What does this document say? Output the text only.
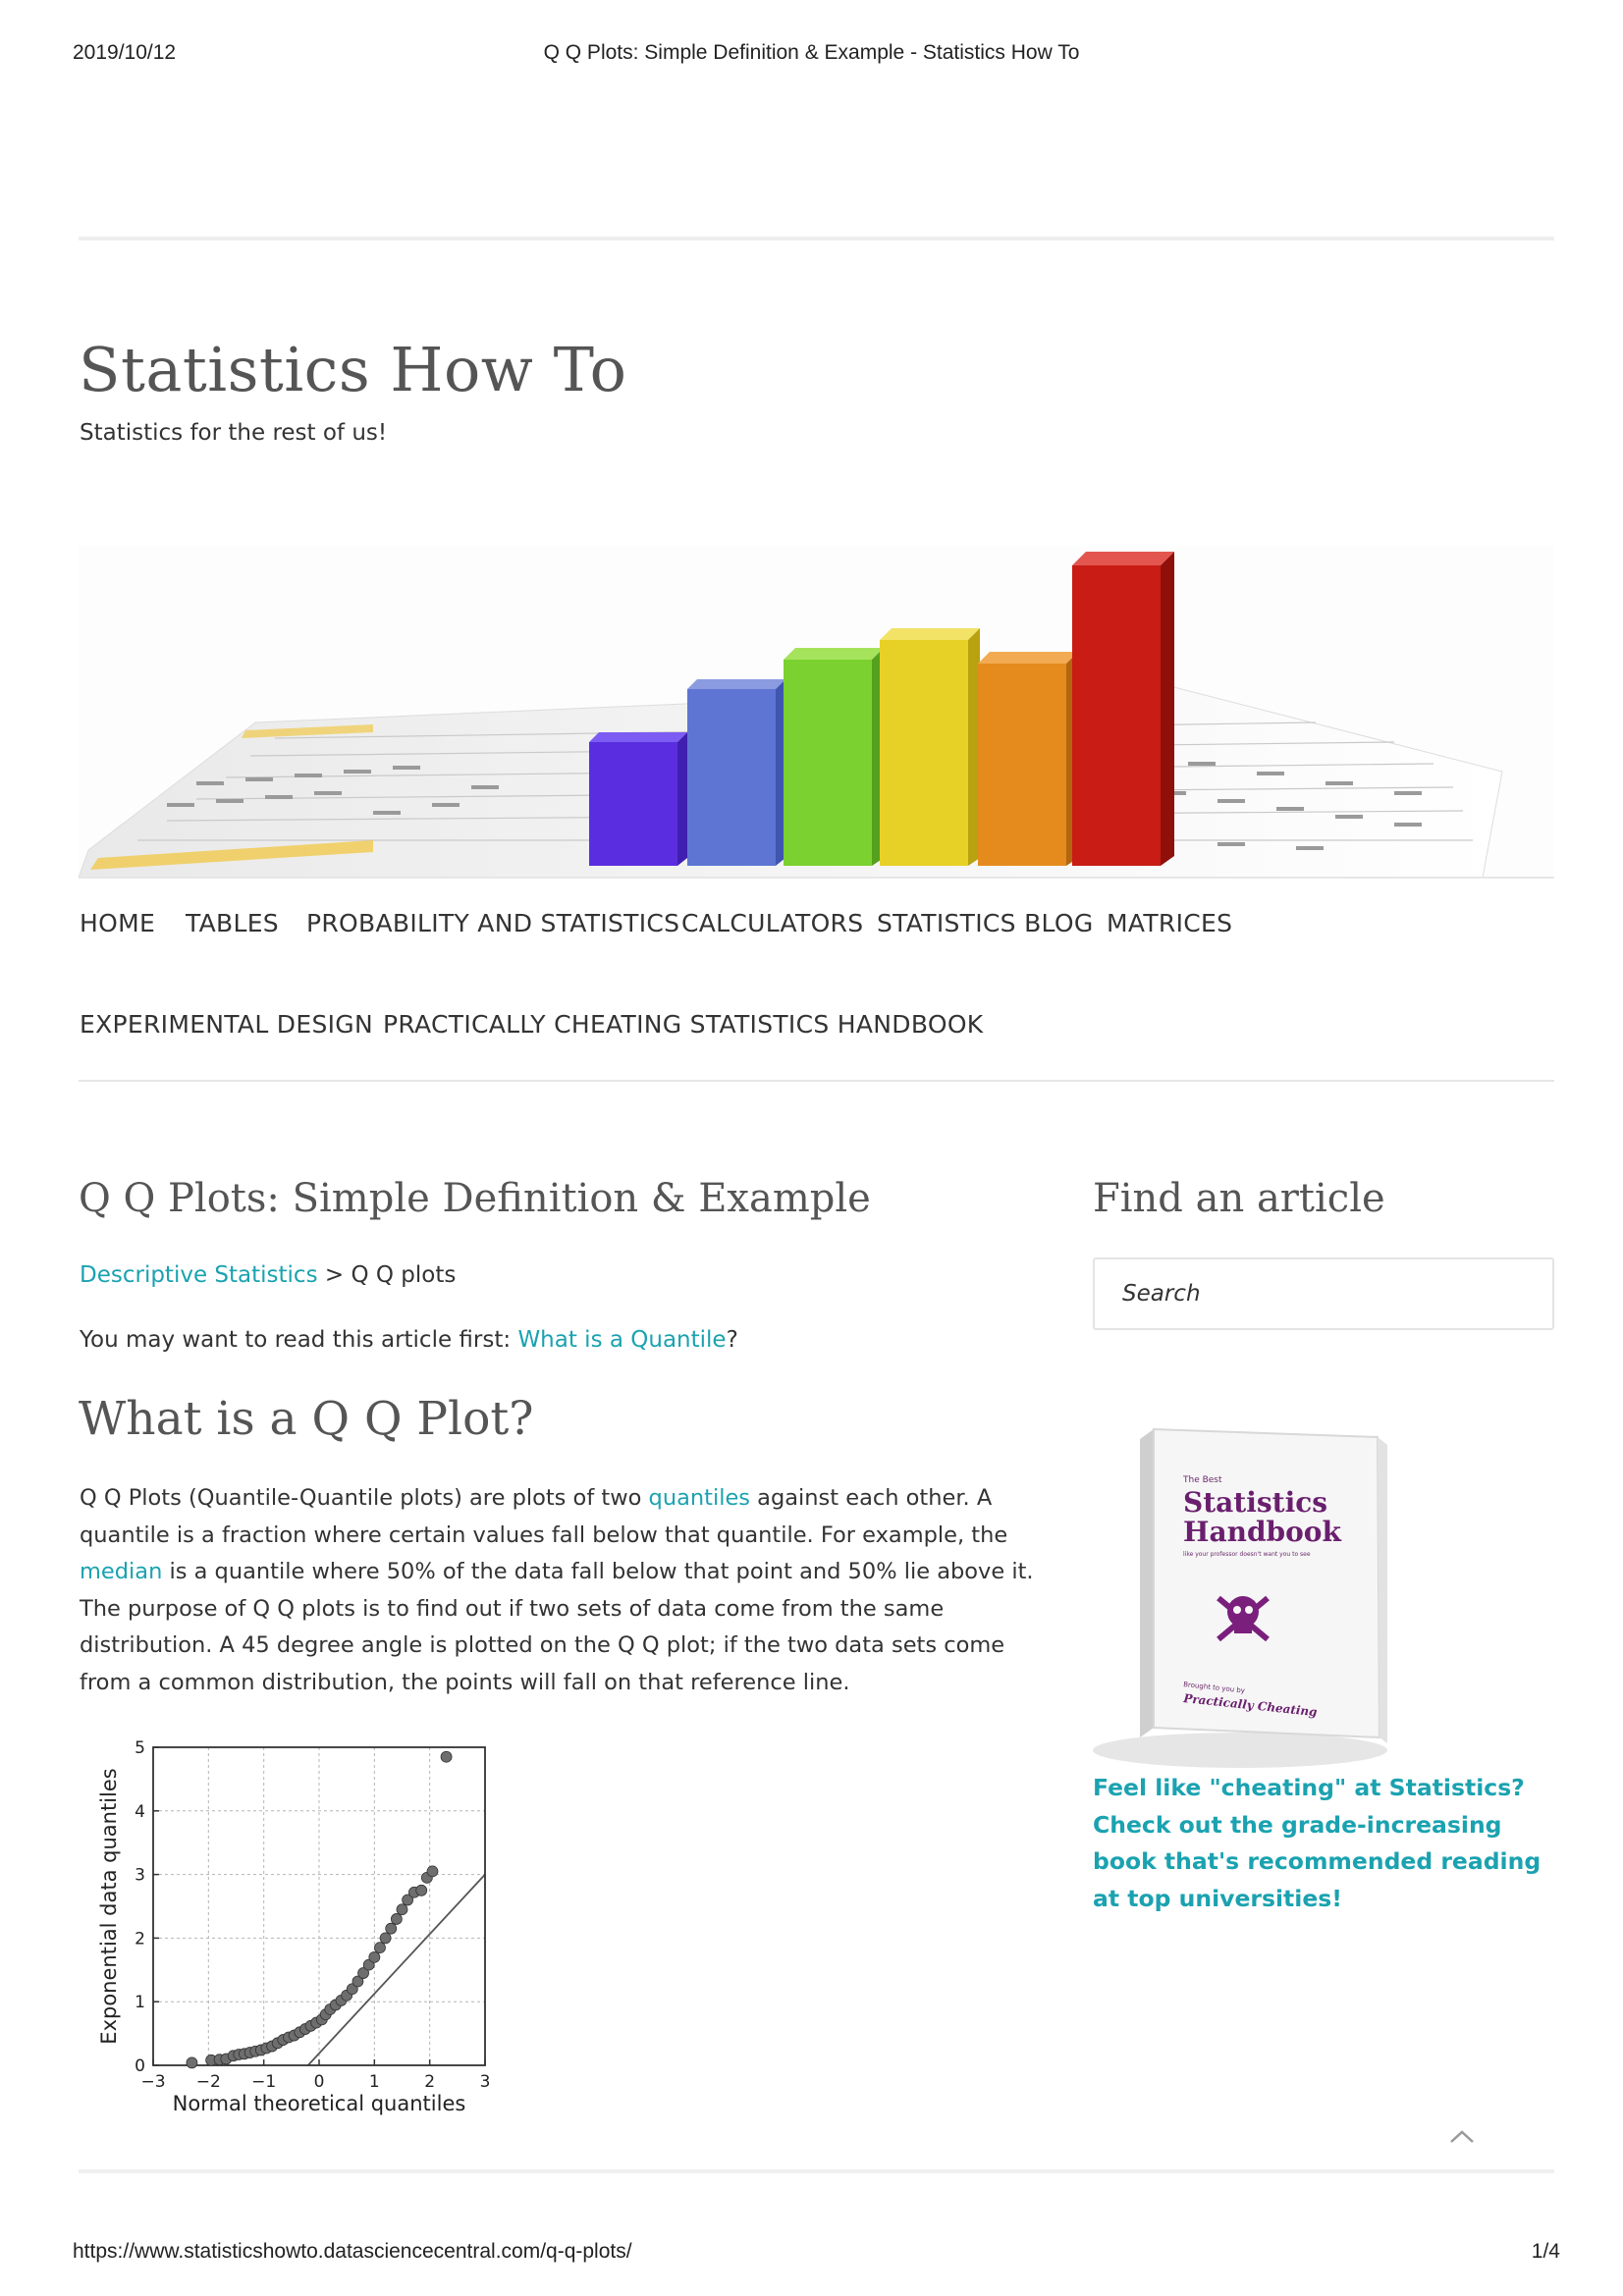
2019/10/12	Q Q Plots: Simple Definition & Example - Statistics How To
Statistics How To
Statistics for the rest of us!
HOME TABLES PROBABILITY AND STATISTICS CALCULATORS STATISTICS BLOG MATRICES
EXPERIMENTAL DESIGN PRACTICALLY CHEATING STATISTICS HANDBOOK
Q Q Plots: Simple Definition & Example
Descriptive Statistics > Q Q plots
You may want to read this article first: What is a Quantile?
What is a Q Q Plot?

Q Q Plots (Quantile-Quantile plots) are plots of two quantiles against each other. A quantile is a fraction where certain values fall below that quantile. For example, the median is a quantile where 50% of the data fall below that point and 50% lie above it. The purpose of Q Q plots is to find out if two sets of data come from the same distribution. A 45 degree angle is plotted on the Q Q plot; if the two data sets come from a common distribution, the points will fall on that reference line.

−3 −2 −1 0	1	2	3
0
1
2
3
4
5
Normal theoretical quantiles
Exponential data quantiles
Find an article
Search
The Best
Statistics
Handbook
like your professor doesn't want you to see
Brought to you by
Practically Cheating
Feel like "cheating" at Statistics? Check out the grade-increasing book that's recommended reading at top universities!
https://www.statisticshowto.datasciencecentral.com/q-q-plots/	1/4
